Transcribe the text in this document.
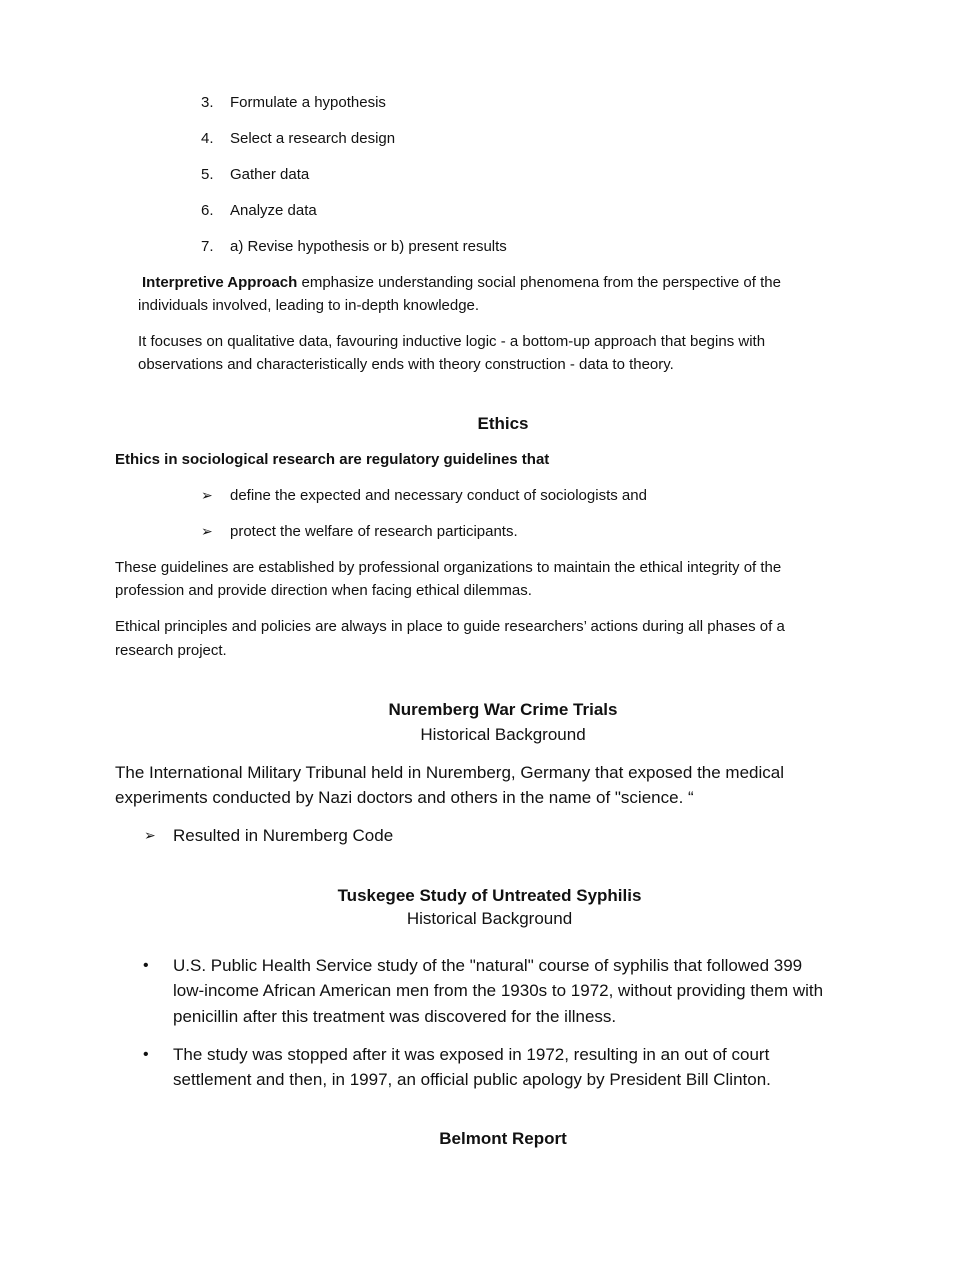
3.	Formulate a hypothesis
4.	Select a research design
5.	Gather data
6.	Analyze data
7.	a) Revise hypothesis or b) present results
Interpretive Approach emphasize understanding social phenomena from the perspective of the
individuals involved, leading to in-depth knowledge.
It focuses on qualitative data, favouring inductive logic - a bottom-up approach that begins with
observations and characteristically ends with theory construction - data to theory.
Ethics
Ethics in sociological research are regulatory guidelines that
➢ define the expected and necessary conduct of sociologists and
➢ protect the welfare of research participants.
These guidelines are established by professional organizations to maintain the ethical integrity of the
profession and provide direction when facing ethical dilemmas.
Ethical principles and policies are always in place to guide researchers’ actions during all phases of a
research project.
Nuremberg War Crime Trials
Historical Background
The International Military Tribunal held in Nuremberg, Germany that exposed the medical
experiments conducted by Nazi doctors and others in the name of "science. “
➢ Resulted in Nuremberg Code
Tuskegee Study of Untreated Syphilis
Historical Background
• U.S. Public Health Service study of the "natural" course of syphilis that followed 399
low-income African American men from the 1930s to 1972, without providing them with
penicillin after this treatment was discovered for the illness.
• The study was stopped after it was exposed in 1972, resulting in an out of court
settlement and then, in 1997, an official public apology by President Bill Clinton.
Belmont Report
